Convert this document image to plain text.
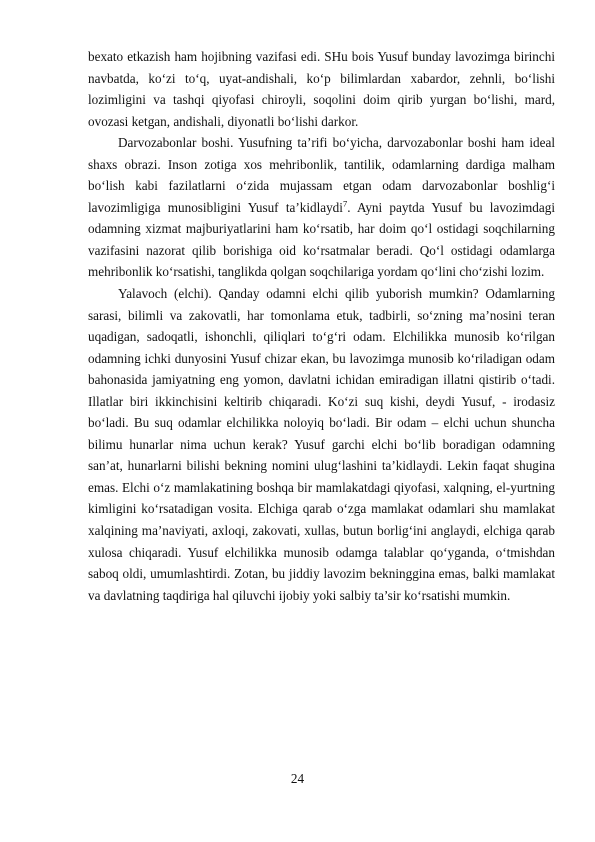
bexato etkazish ham hojibning vazifasi edi. SHu bois Yusuf bunday lavozimga birinchi navbatda, ko‘zi to‘q, uyat-andishali, ko‘p bilimlardan xabardor, zehnli, bo‘lishi lozimligini va tashqi qiyofasi chiroyli, soqolini doim qirib yurgan bo‘lishi, mard, ovozasi ketgan, andishali, diyonatli bo‘lishi darkor.

Darvozabonlar boshi. Yusufning ta’rifi bo‘yicha, darvozabonlar boshi ham ideal shaxs obrazi. Inson zotiga xos mehribonlik, tantilik, odamlarning dardiga malham bo‘lish kabi fazilatlarni o‘zida mujassam etgan odam darvozabonlar boshlig‘i lavozimligiga munosibligini Yusuf ta’kidlaydi$^7$. Ayni paytda Yusuf bu lavozimdagi odamning xizmat majburiyatlarini ham ko‘rsatib, har doim qo‘l ostidagi soqchilarning vazifasini nazorat qilib borishiga oid ko‘rsatmalar beradi. Qo‘l ostidagi odamlarga mehribonlik ko‘rsatishi, tanglikda qolgan soqchilariga yordam qo‘lini cho‘zishi lozim.

Yalavoch (elchi). Qanday odamni elchi qilib yuborish mumkin? Odamlarning sarasi, bilimli va zakovatli, har tomonlama etuk, tadbirli, so‘zning ma’nosini teran uqadigan, sadoqatli, ishonchli, qiliqlari to‘g‘ri odam. Elchilikka munosib ko‘rilgan odamning ichki dunyosini Yusuf chizar ekan, bu lavozimga munosib ko‘riladigan odam bahonasida jamiyatning eng yomon, davlatni ichidan emiradigan illatni qistirib o‘tadi. Illatlar biri ikkinchisini keltirib chiqaradi. Ko‘zi suq kishi, deydi Yusuf, - irodasiz bo‘ladi. Bu suq odamlar elchilikka noloyiq bo‘ladi. Bir odam – elchi uchun shuncha bilimu hunarlar nima uchun kerak? Yusuf garchi elchi bo‘lib boradigan odamning san’at, hunarlarni bilishi bekning nomini ulug‘lashini ta’kidlaydi. Lekin faqat shugina emas. Elchi o‘z mamlakatining boshqa bir mamlakatdagi qiyofasi, xalqning, el-yurtning kimligini ko‘rsatadigan vosita. Elchiga qarab o‘zga mamlakat odamlari shu mamlakat xalqining ma’naviyati, axloqi, zakovati, xullas, butun borlig‘ini anglaydi, elchiga qarab xulosa chiqaradi. Yusuf elchilikka munosib odamga talablar qo‘yganda, o‘tmishdan saboq oldi, umumlashtirdi. Zotan, bu jiddiy lavozim bekninggina emas, balki mamlakat va davlatning taqdiriga hal qiluvchi ijobiy yoki salbiy ta’sir ko‘rsatishi mumkin.

24
